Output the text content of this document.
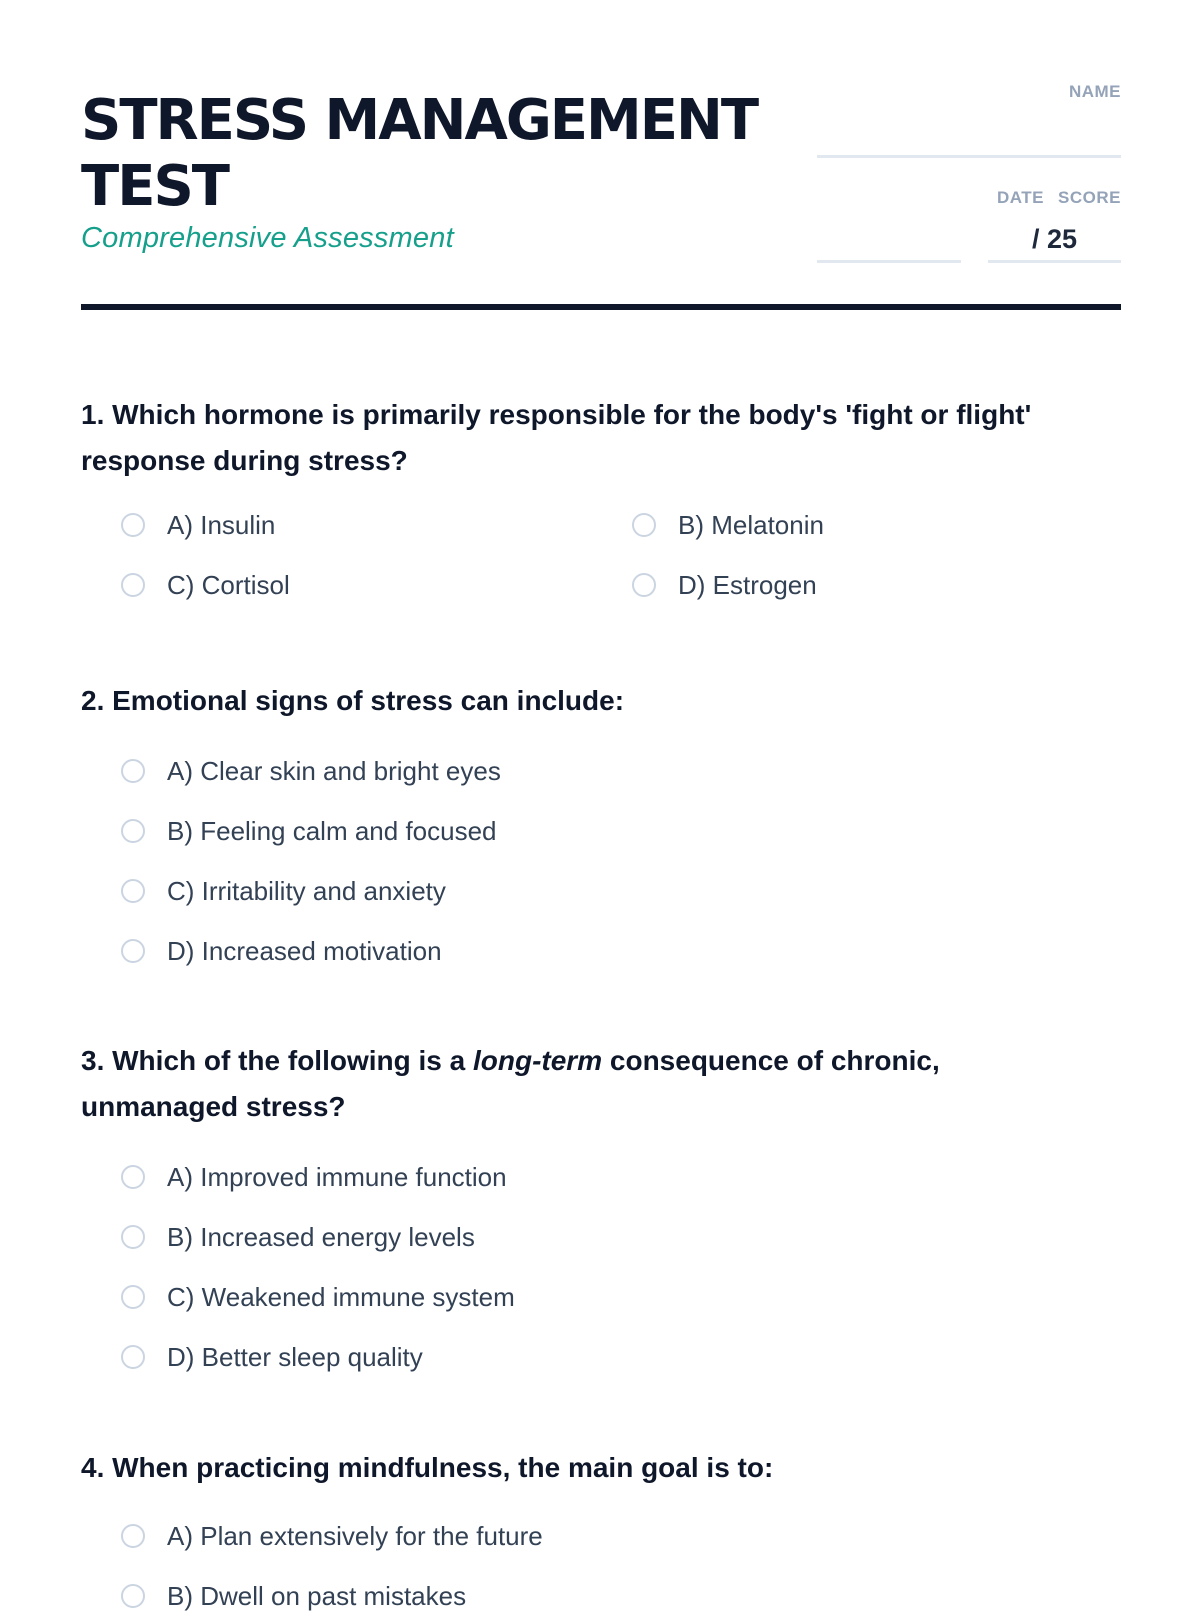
STRESS MANAGEMENT
TEST
Comprehensive Assessment
NAME
DATE SCORE
/ 25

1. Which hormone is primarily responsible for the body's 'fight or flight' response during stress?

A) Insulin	B) Melatonin
C) Cortisol	D) Estrogen

2. Emotional signs of stress can include:

A) Clear skin and bright eyes
B) Feeling calm and focused
C) Irritability and anxiety
D) Increased motivation

3. Which of the following is a long-term consequence of chronic, unmanaged stress?

A) Improved immune function
B) Increased energy levels
C) Weakened immune system
D) Better sleep quality

4. When practicing mindfulness, the main goal is to:

A) Plan extensively for the future
B) Dwell on past mistakes
